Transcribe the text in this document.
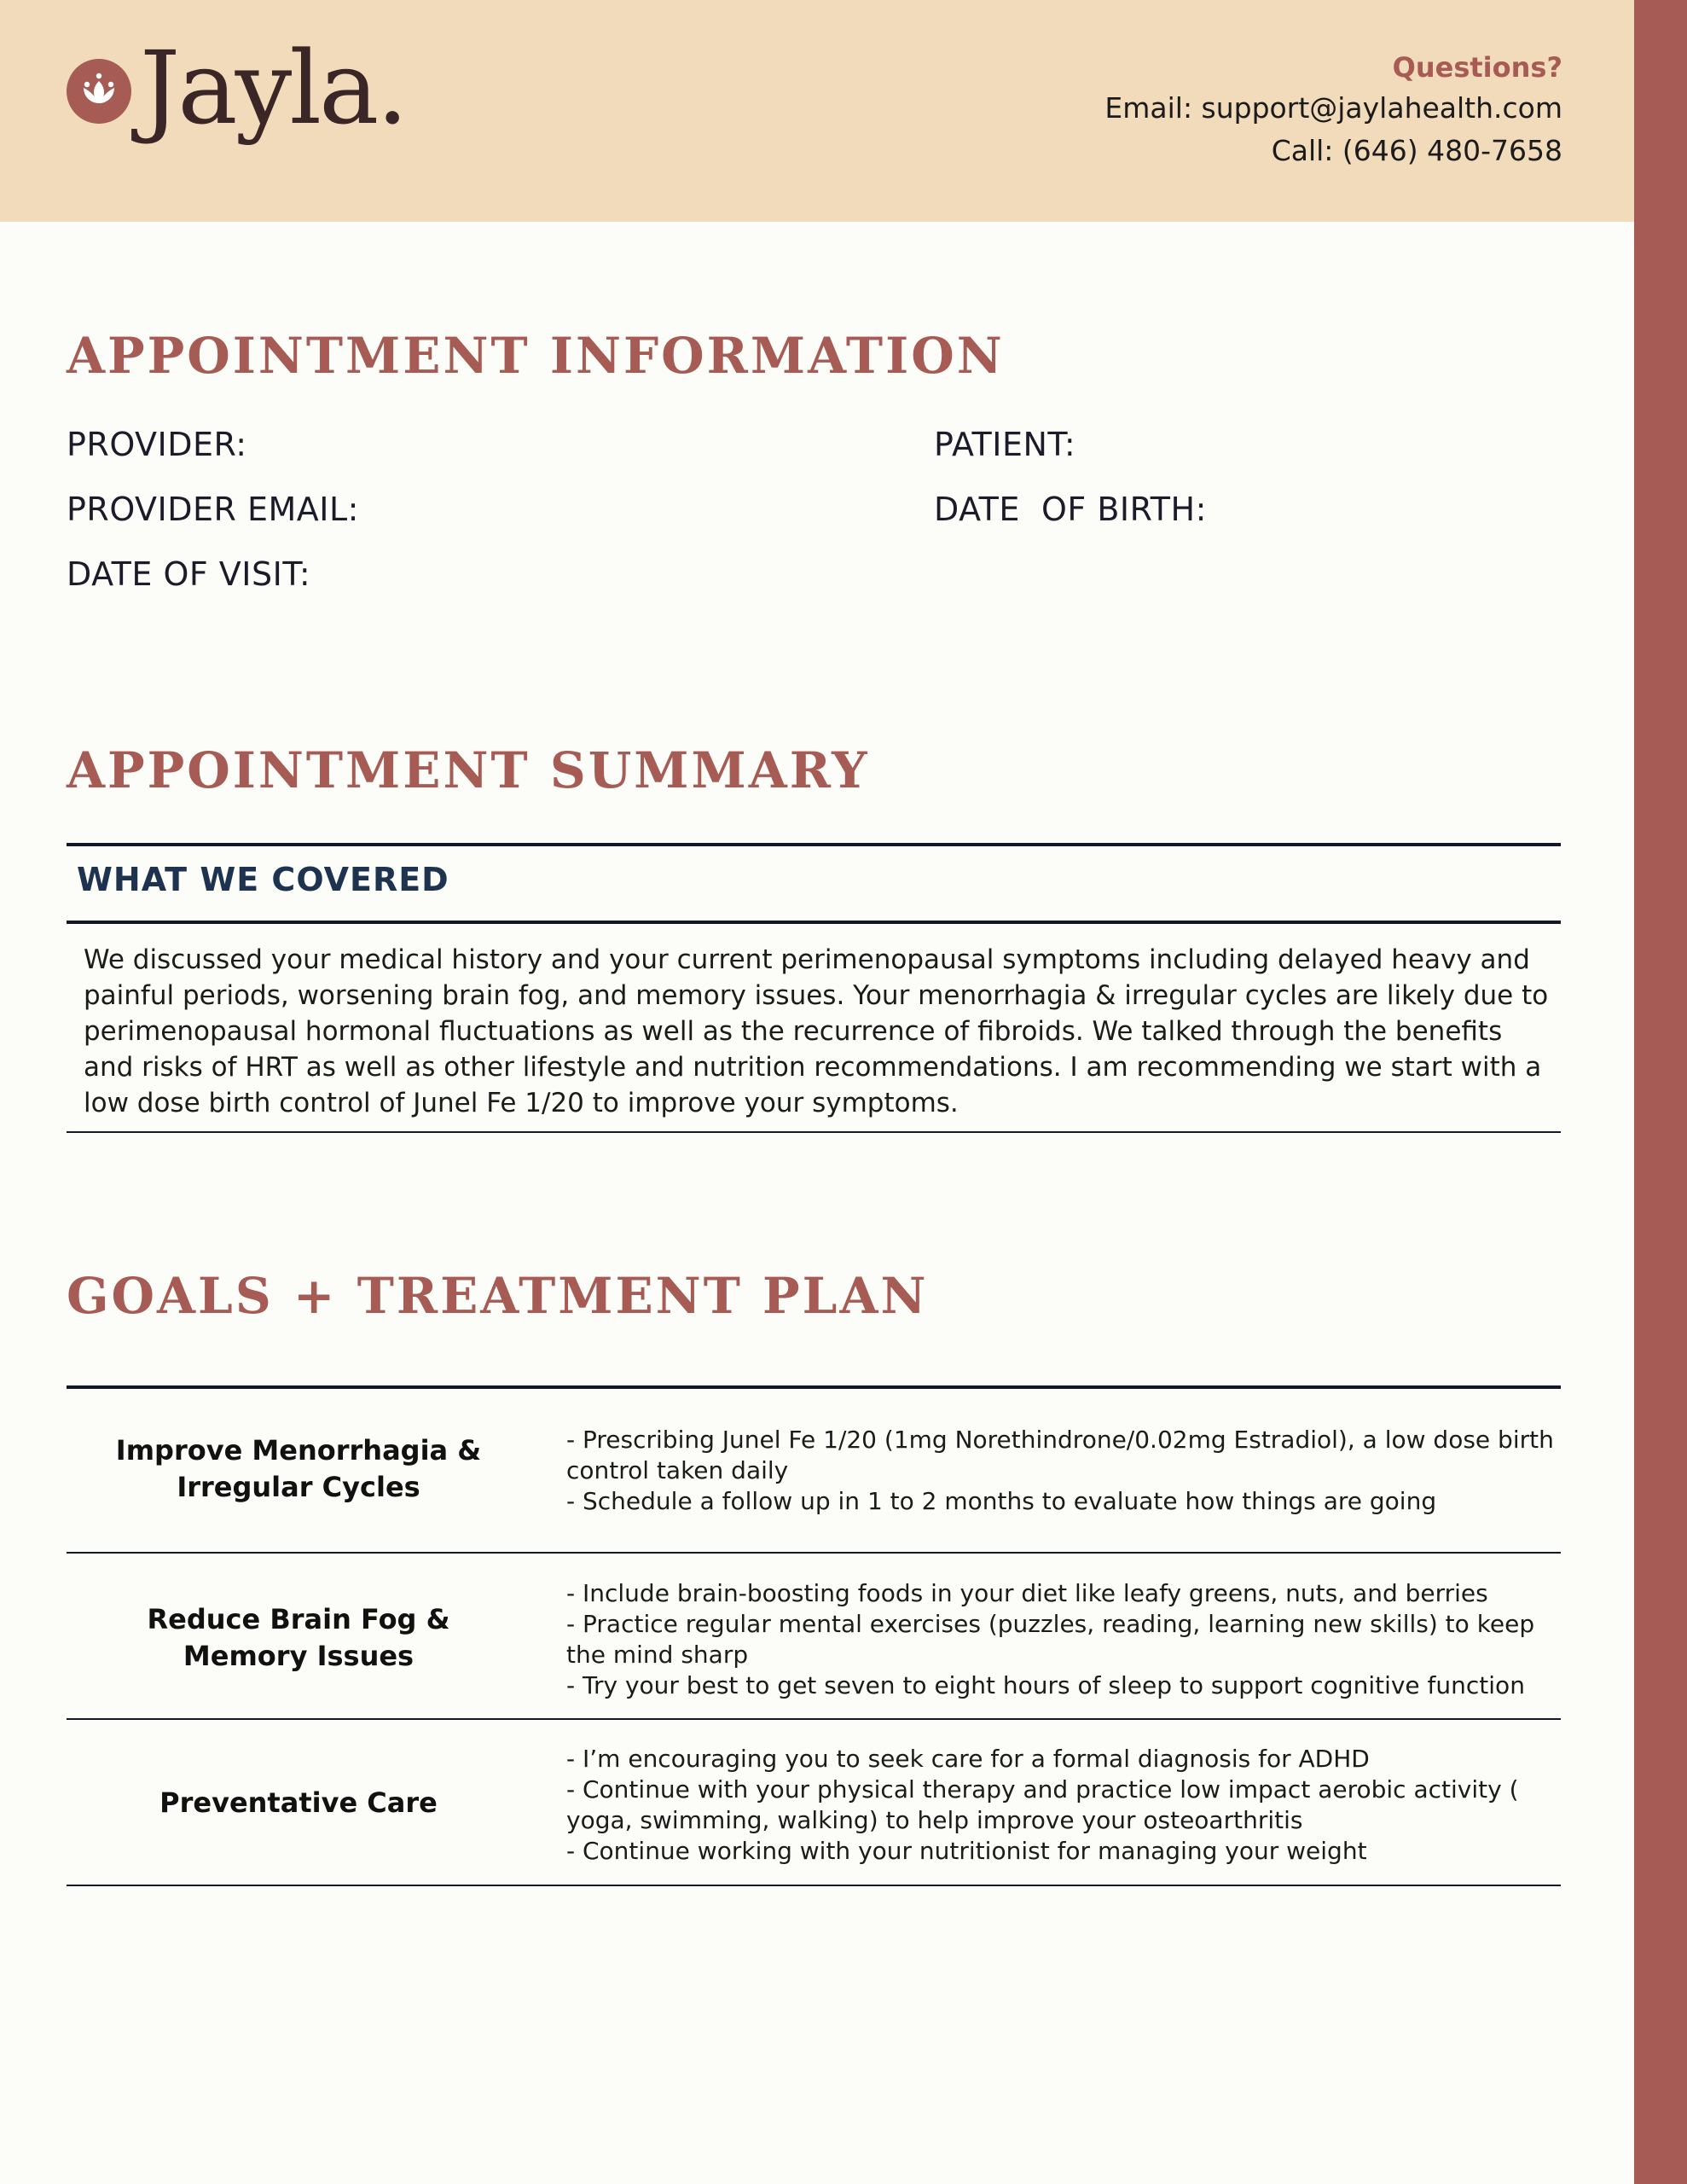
Jayla.	Questions?
Email: support@jaylahealth.com
Call: (646) 480-7658
APPOINTMENT INFORMATION
PROVIDER:
PROVIDER EMAIL:
DATE OF VISIT:
PATIENT:
DATE  OF BIRTH:
APPOINTMENT SUMMARY
WHAT WE COVERED
We discussed your medical history and your current perimenopausal symptoms including delayed heavy and painful periods, worsening brain fog, and memory issues. Your menorrhagia & irregular cycles are likely due to perimenopausal hormonal fluctuations as well as the recurrence of fibroids. We talked through the benefits and risks of HRT as well as other lifestyle and nutrition recommendations. I am recommending we start with a low dose birth control of Junel Fe 1/20 to improve your symptoms.
GOALS + TREATMENT PLAN
Improve Menorrhagia & Irregular Cycles
- Prescribing Junel Fe 1/20 (1mg Norethindrone/0.02mg Estradiol), a low dose birth control taken daily
- Schedule a follow up in 1 to 2 months to evaluate how things are going
Reduce Brain Fog & Memory Issues
- Include brain-boosting foods in your diet like leafy greens, nuts, and berries
- Practice regular mental exercises (puzzles, reading, learning new skills) to keep the mind sharp
- Try your best to get seven to eight hours of sleep to support cognitive function
Preventative Care
- I’m encouraging you to seek care for a formal diagnosis for ADHD
- Continue with your physical therapy and practice low impact aerobic activity ( yoga, swimming, walking) to help improve your osteoarthritis
- Continue working with your nutritionist for managing your weight
